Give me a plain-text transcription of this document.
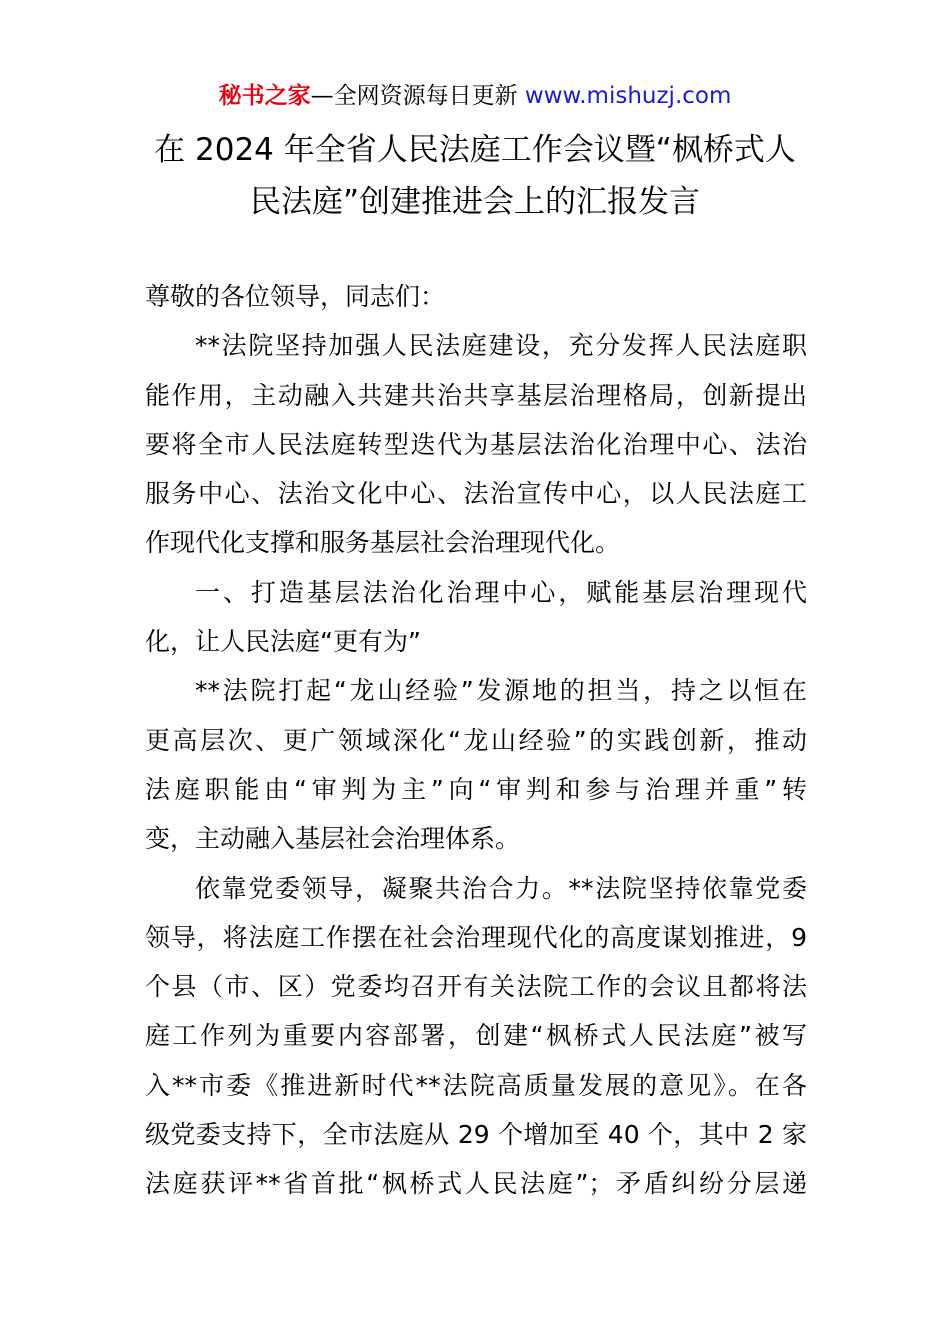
秘书之家—全网资源每日更新 www.mishuzj.com
在 2024 年全省人民法庭工作会议暨“枫桥式人
民法庭”创建推进会上的汇报发言
尊敬的各位领导，同志们：
**法院坚持加强人民法庭建设，充分发挥人民法庭职
能作用，主动融入共建共治共享基层治理格局，创新提出
要将全市人民法庭转型迭代为基层法治化治理中心、法治
服务中心、法治文化中心、法治宣传中心，以人民法庭工
作现代化支撑和服务基层社会治理现代化。
一、打造基层法治化治理中心，赋能基层治理现代
化，让人民法庭“更有为”
**法院打起“龙山经验”发源地的担当，持之以恒在
更高层次、更广领域深化“龙山经验”的实践创新，推动
法庭职能由“审判为主”向“审判和参与治理并重”转
变，主动融入基层社会治理体系。
依靠党委领导，凝聚共治合力。**法院坚持依靠党委
领导，将法庭工作摆在社会治理现代化的高度谋划推进，9
个县（市、区）党委均召开有关法院工作的会议且都将法
庭工作列为重要内容部署，创建“枫桥式人民法庭”被写
入**市委《推进新时代**法院高质量发展的意见》。在各
级党委支持下，全市法庭从 29 个增加至 40 个，其中 2 家
法庭获评**省首批“枫桥式人民法庭”；矛盾纠纷分层递
